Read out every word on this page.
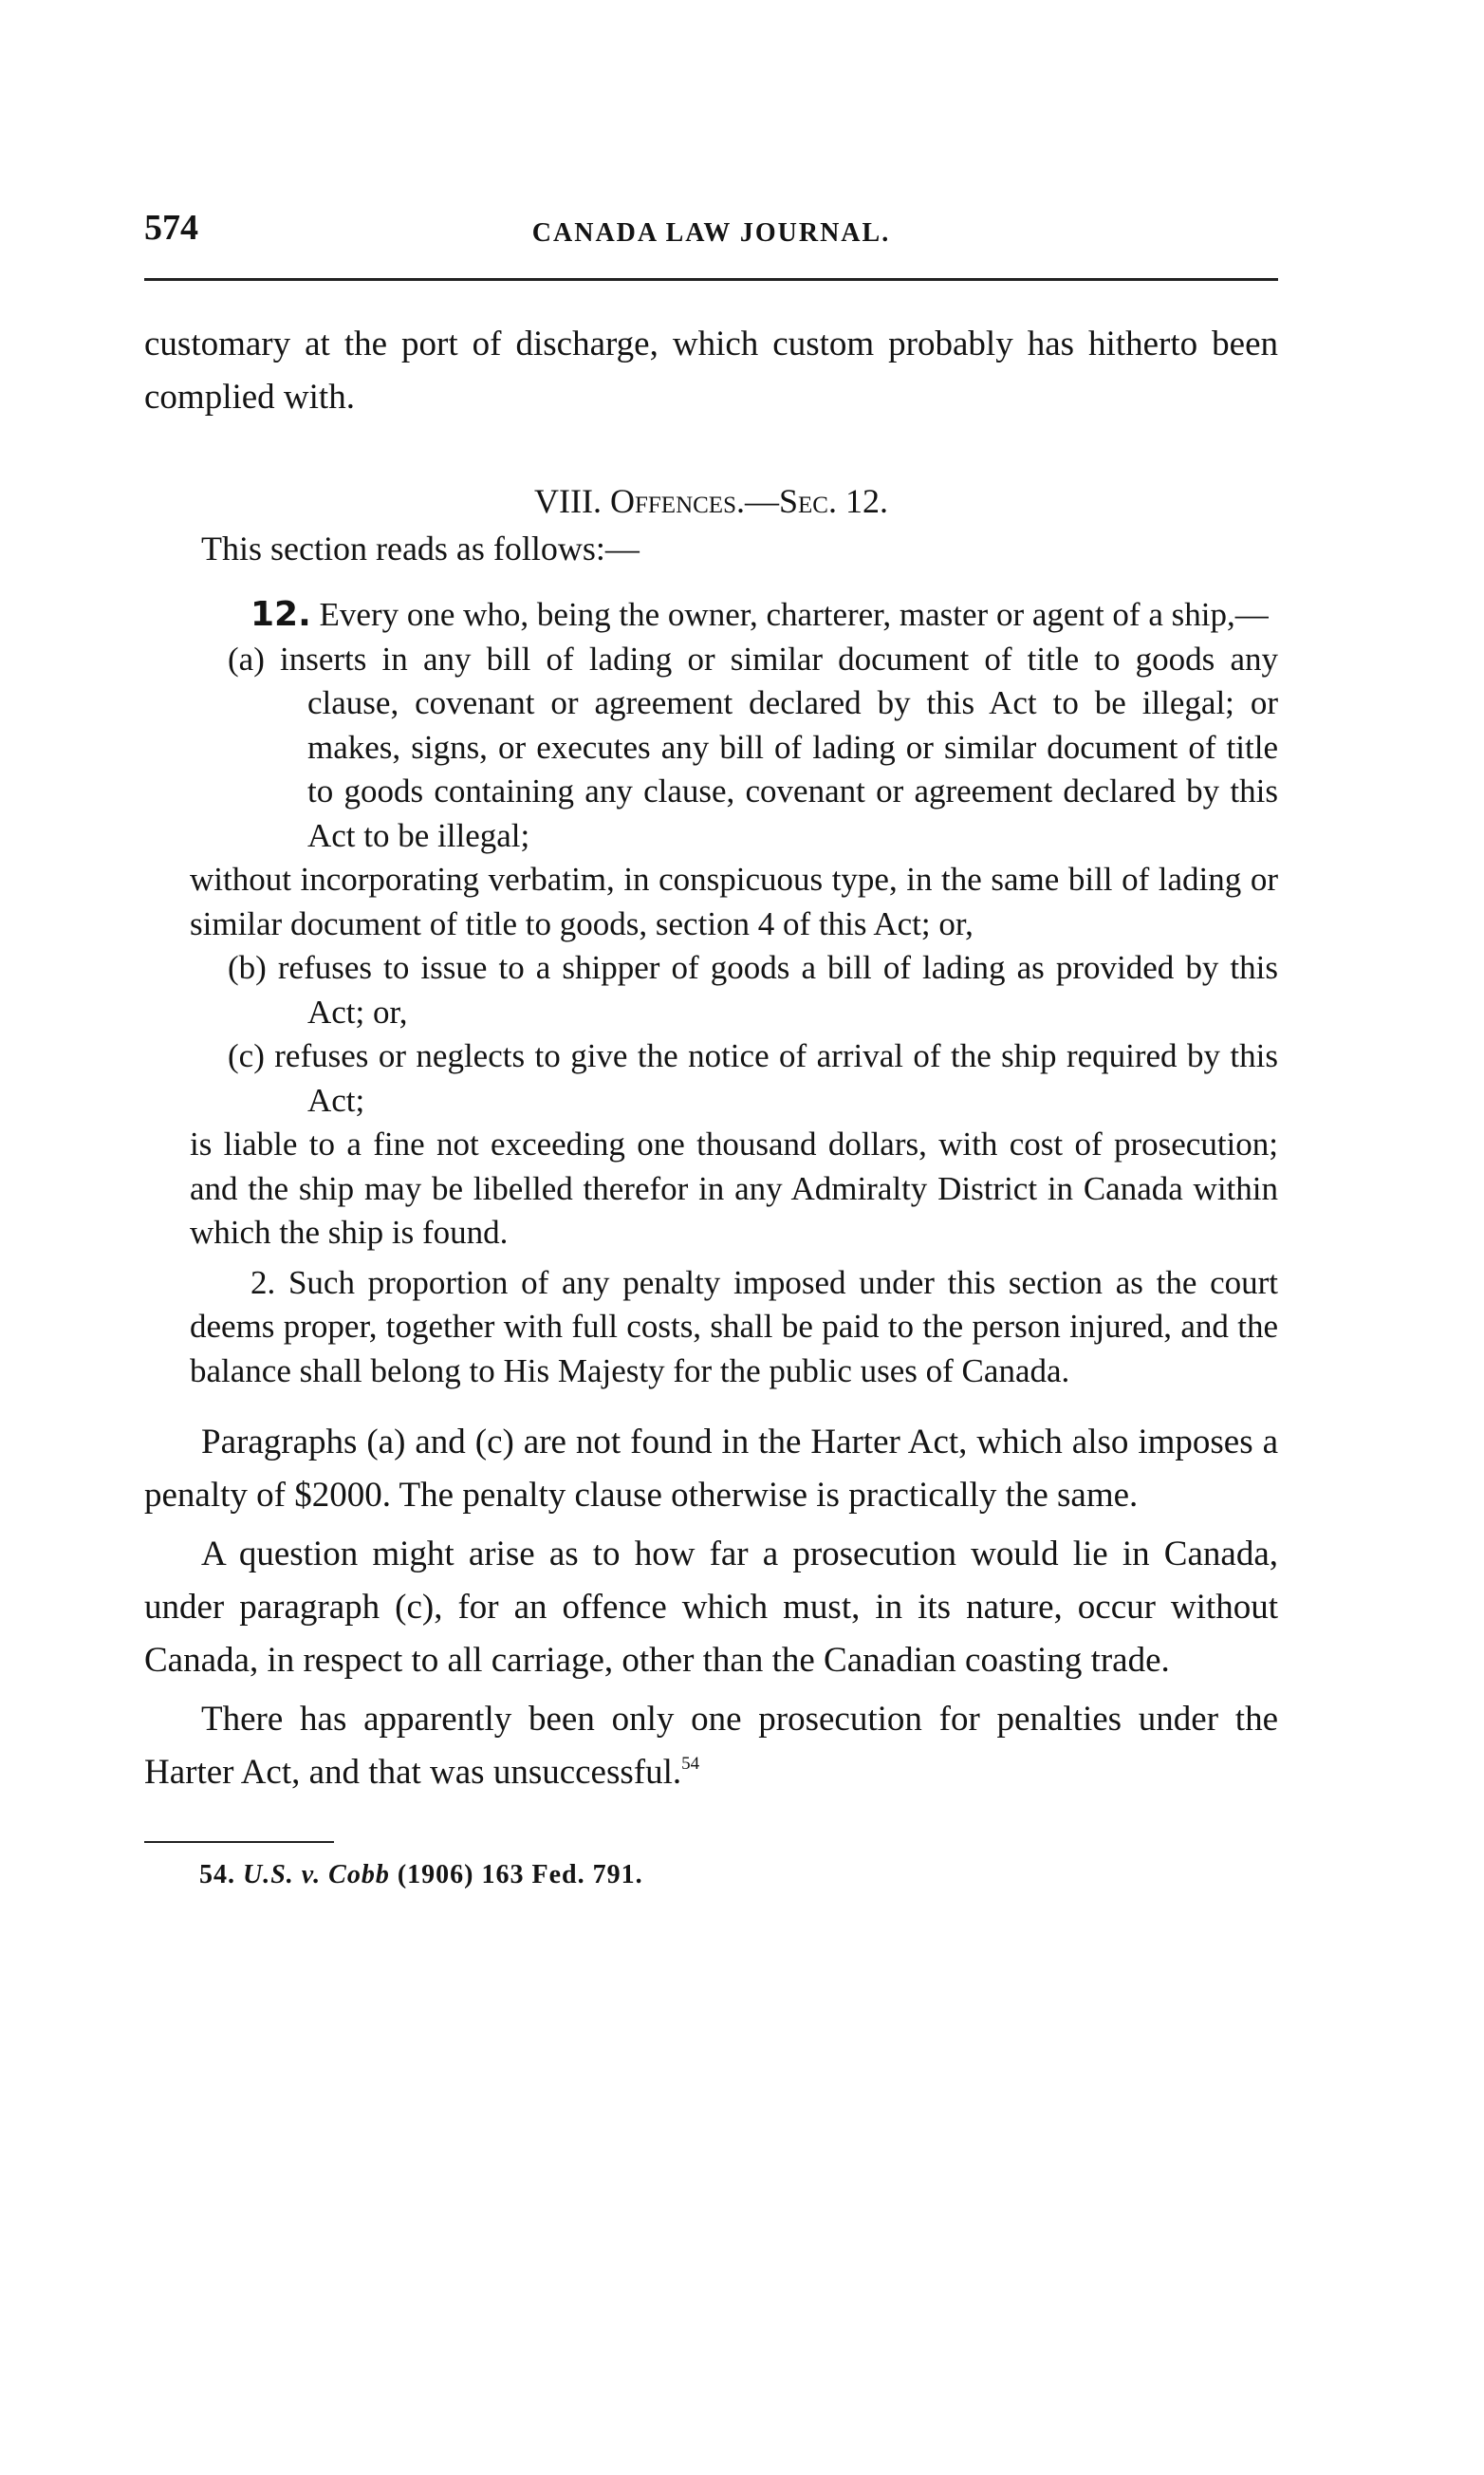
574	CANADA LAW JOURNAL.

customary at the port of discharge, which custom probably has hitherto been complied with.

VIII. Offences.—Sec. 12.
This section reads as follows:—

12. Every one who, being the owner, charterer, master or agent of a ship,—

(a) inserts in any bill of lading or similar document of title to goods any clause, covenant or agreement declared by this Act to be illegal; or makes, signs, or executes any bill of lading or similar document of title to goods containing any clause, covenant or agreement declared by this Act to be illegal;

without incorporating verbatim, in conspicuous type, in the same bill of lading or similar document of title to goods, section 4 of this Act; or,

(b) refuses to issue to a shipper of goods a bill of lading as provided by this Act; or,

(c) refuses or neglects to give the notice of arrival of the ship required by this Act;

is liable to a fine not exceeding one thousand dollars, with cost of prosecution; and the ship may be libelled therefor in any Admiralty District in Canada within which the ship is found.

2. Such proportion of any penalty imposed under this section as the court deems proper, together with full costs, shall be paid to the person injured, and the balance shall belong to His Majesty for the public uses of Canada.

Paragraphs (a) and (c) are not found in the Harter Act, which also imposes a penalty of $2000. The penalty clause otherwise is practically the same.

A question might arise as to how far a prosecution would lie in Canada, under paragraph (c), for an offence which must, in its nature, occur without Canada, in respect to all carriage, other than the Canadian coasting trade.

There has apparently been only one prosecution for penalties under the Harter Act, and that was unsuccessful.$^{54}$

54. U.S. v. Cobb (1906) 163 Fed. 791.
